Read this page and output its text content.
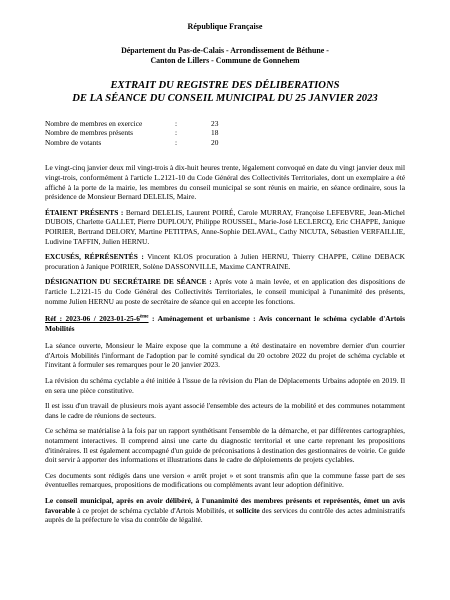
République Française
Département du Pas-de-Calais - Arrondissement de Béthune -
Canton de Lillers - Commune de Gonnehem
EXTRAIT DU REGISTRE DES DÉLIBERATIONS
DE LA SÉANCE DU CONSEIL MUNICIPAL DU 25 JANVIER 2023
Nombre de membres en exercice	:	23
Nombre de membres présents	:	18
Nombre de votants	:	20

Le vingt-cinq janvier deux mil vingt-trois à dix-huit heures trente, légalement convoqué en date du vingt janvier deux mil vingt-trois, conformément à l'article L.2121-10 du Code Général des Collectivités Territoriales, dont un exemplaire a été affiché à la porte de la mairie, les membres du conseil municipal se sont réunis en mairie, en séance ordinaire, sous la présidence de Monsieur Bernard DELELIS, Maire.

ÉTAIENT PRÉSENTS : Bernard DELELIS, Laurent POIRÉ, Carole MURRAY, Françoise LEFEBVRE, Jean-Michel DUBOIS, Charlette GALLET, Pierre DUPLOUY, Philippe ROUSSEL, Marie-José LECLERCQ, Eric CHAPPE, Janique POIRIER, Bertrand DELORY, Martine PETITPAS, Anne-Sophie DELAVAL, Cathy NICUTA, Sébastien VERFAILLIE, Ludivine TAFFIN, Julien HERNU.

EXCUSÉS, RÉPRÉSENTÉS : Vincent KLOS procuration à Julien HERNU, Thierry CHAPPE, Céline DEBACK procuration à Janique POIRIER, Solène DASSONVILLE, Maxime CANTRAINE.

DÉSIGNATION DU SECRÉTAIRE DE SÉANCE : Après vote à main levée, et en application des dispositions de l'article L.2121-15 du Code Général des Collectivités Territoriales, le conseil municipal à l'unanimité des présents, nomme Julien HERNU au poste de secrétaire de séance qui en accepte les fonctions.

Réf : 2023-06 / 2023-01-25-6ème : Aménagement et urbanisme : Avis concernant le schéma cyclable d'Artois Mobilités

La séance ouverte, Monsieur le Maire expose que la commune a été destinataire en novembre dernier d'un courrier d'Artois Mobilités l'informant de l'adoption par le comité syndical du 20 octobre 2022 du projet de schéma cyclable et l'invitant à formuler ses remarques pour le 20 janvier 2023.

La révision du schéma cyclable a été initiée à l'issue de la révision du Plan de Déplacements Urbains adoptée en 2019. Il en sera une pièce constitutive.

Il est issu d'un travail de plusieurs mois ayant associé l'ensemble des acteurs de la mobilité et des communes notamment dans le cadre de réunions de secteurs.

Ce schéma se matérialise à la fois par un rapport synthétisant l'ensemble de la démarche, et par différentes cartographies, notamment interactives. Il comprend ainsi une carte du diagnostic territorial et une carte reprenant les propositions d'itinéraires. Il est également accompagné d'un guide de préconisations à destination des gestionnaires de voirie. Ce guide doit servir à apporter des informations et illustrations dans le cadre de déploiements de projets cyclables.

Ces documents sont rédigés dans une version « arrêt projet » et sont transmis afin que la commune fasse part de ses éventuelles remarques, propositions de modifications ou compléments avant leur adoption définitive.

Le conseil municipal, après en avoir délibéré, à l'unanimité des membres présents et représentés, émet un avis favorable à ce projet de schéma cyclable d'Artois Mobilités, et sollicite des services du contrôle des actes administratifs auprès de la préfecture le visa du contrôle de légalité.
